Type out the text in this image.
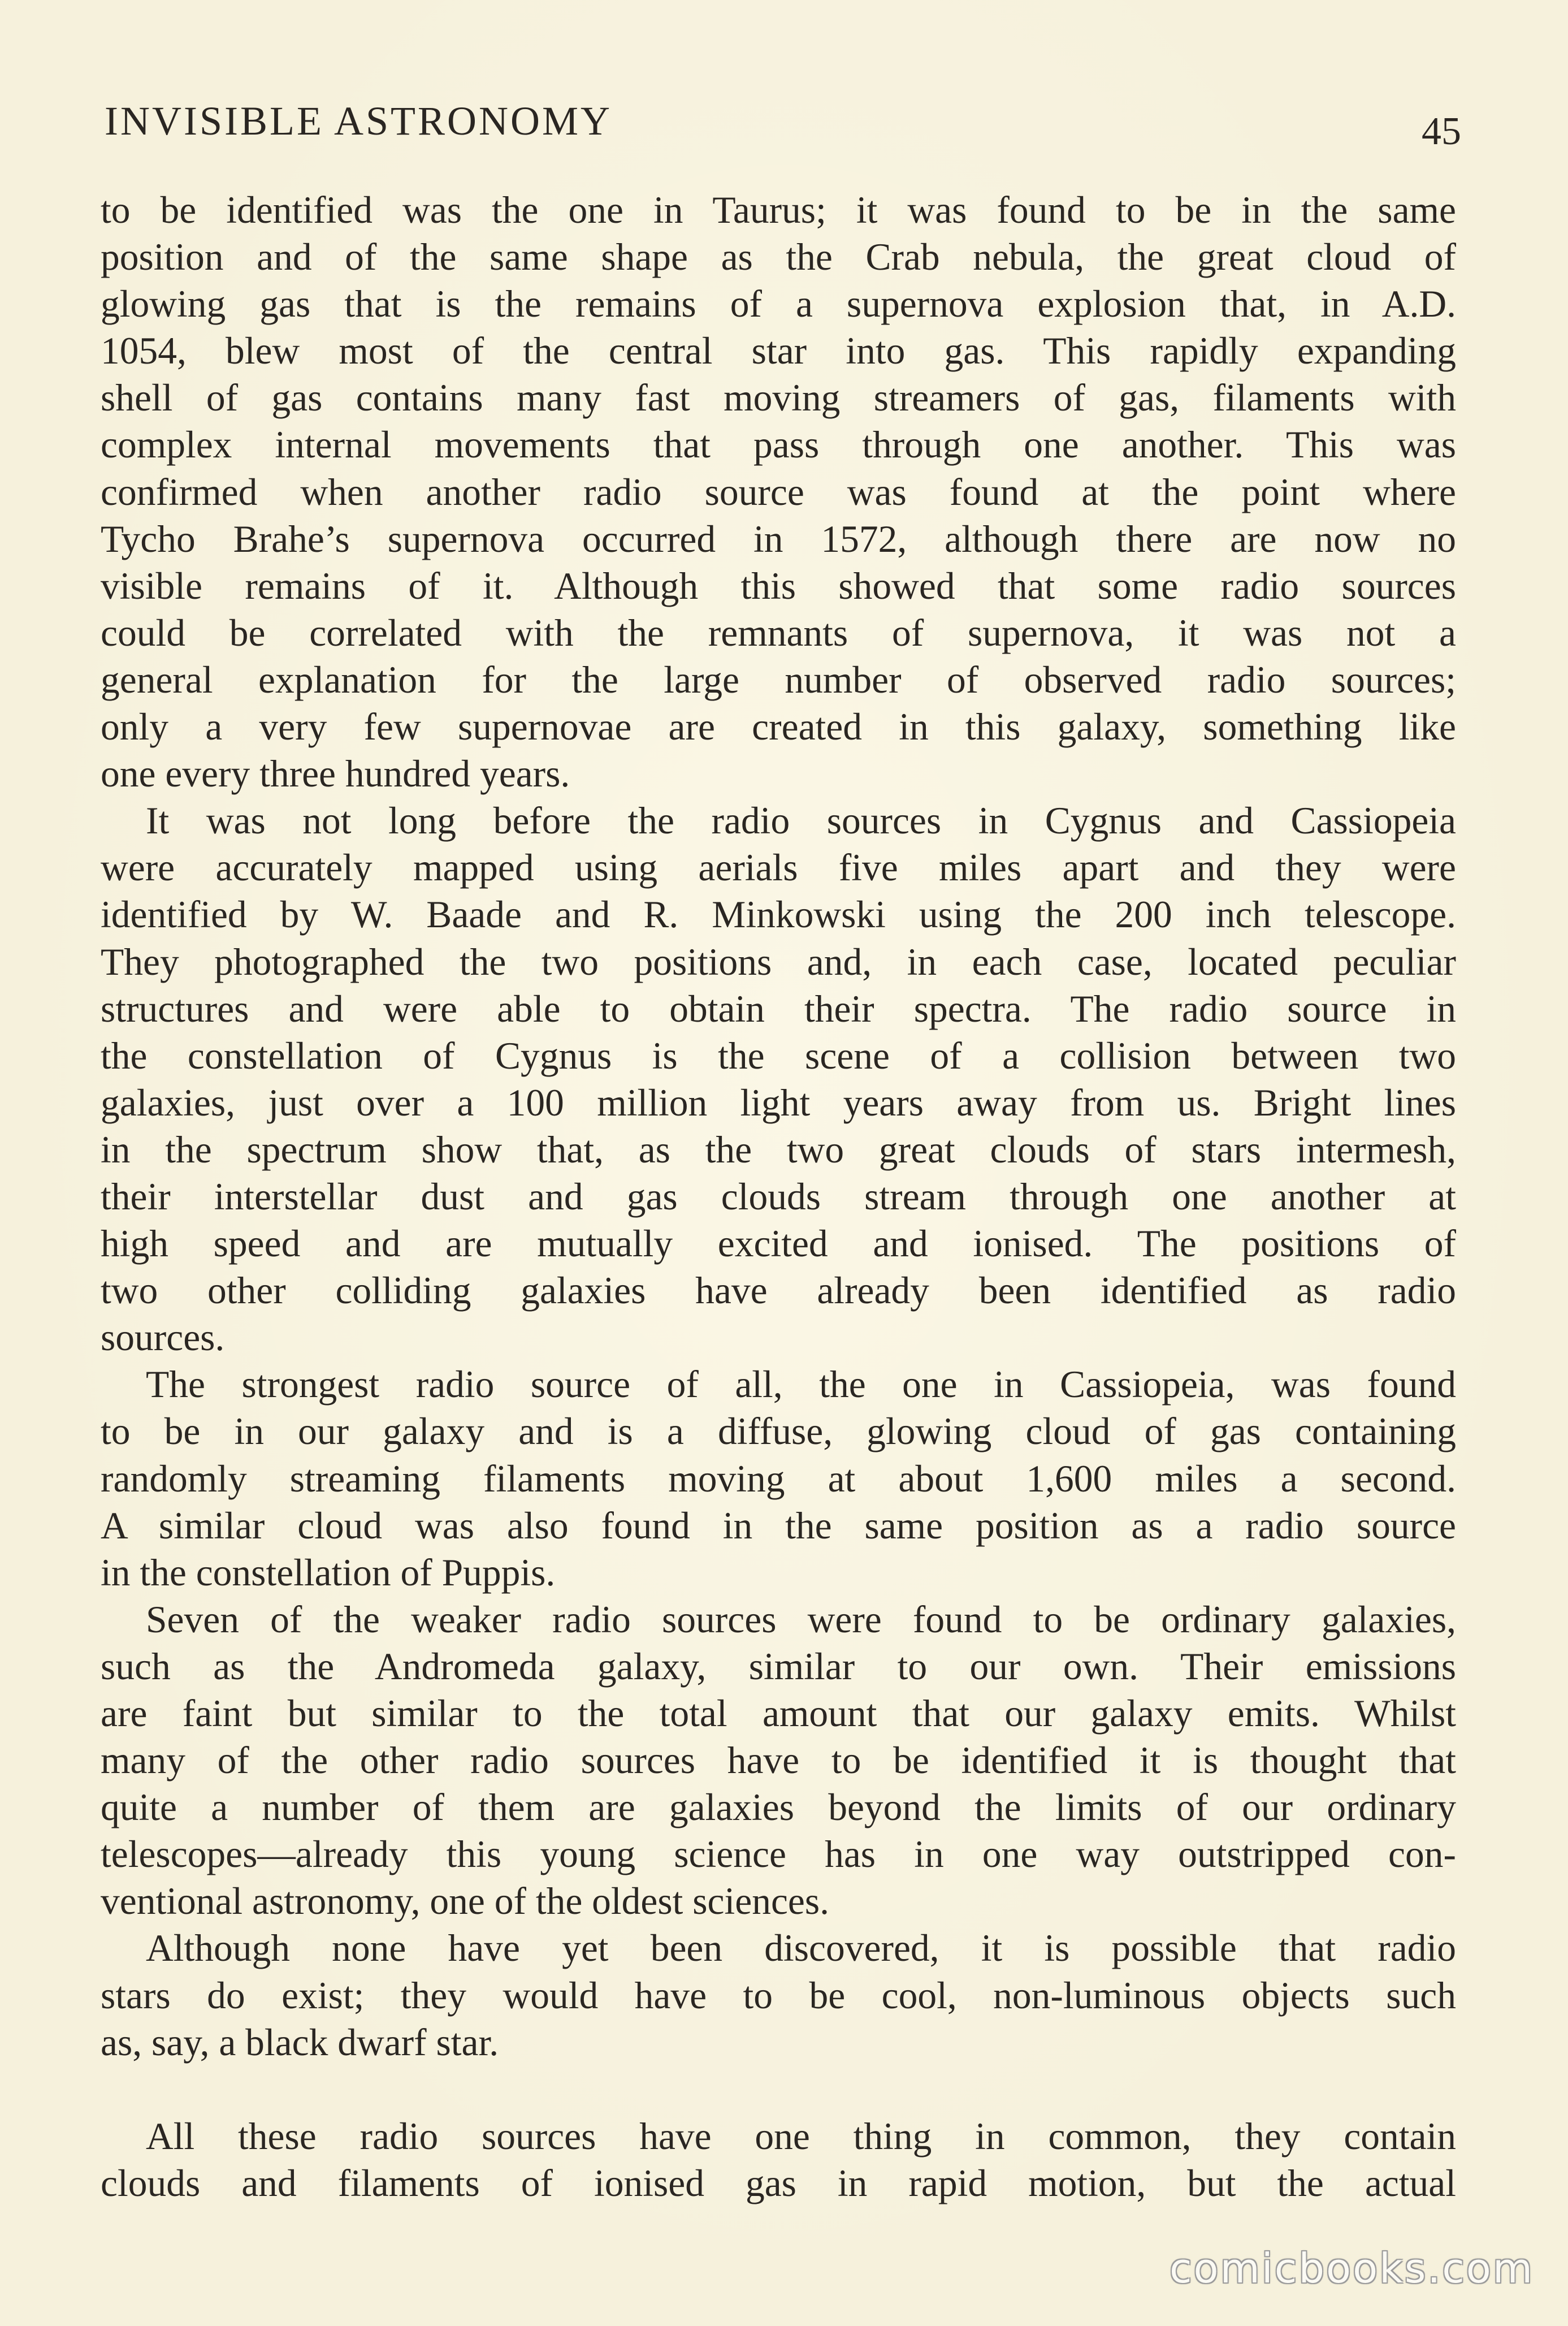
INVISIBLE ASTRONOMY	45
to be identified was the one in Taurus; it was found to be in the same
position and of the same shape as the Crab nebula, the great cloud of
glowing gas that is the remains of a supernova explosion that, in A.D.
1054, blew most of the central star into gas. This rapidly expanding
shell of gas contains many fast moving streamers of gas, filaments with
complex internal movements that pass through one another. This was
confirmed when another radio source was found at the point where
Tycho Brahe’s supernova occurred in 1572, although there are now no
visible remains of it. Although this showed that some radio sources
could be correlated with the remnants of supernova, it was not a
general explanation for the large number of observed radio sources;
only a very few supernovae are created in this galaxy, something like
one every three hundred years.
It was not long before the radio sources in Cygnus and Cassiopeia
were accurately mapped using aerials five miles apart and they were
identified by W. Baade and R. Minkowski using the 200 inch telescope.
They photographed the two positions and, in each case, located peculiar
structures and were able to obtain their spectra. The radio source in
the constellation of Cygnus is the scene of a collision between two
galaxies, just over a 100 million light years away from us. Bright lines
in the spectrum show that, as the two great clouds of stars intermesh,
their interstellar dust and gas clouds stream through one another at
high speed and are mutually excited and ionised. The positions of
two other colliding galaxies have already been identified as radio
sources.
The strongest radio source of all, the one in Cassiopeia, was found
to be in our galaxy and is a diffuse, glowing cloud of gas containing
randomly streaming filaments moving at about 1,600 miles a second.
A similar cloud was also found in the same position as a radio source
in the constellation of Puppis.
Seven of the weaker radio sources were found to be ordinary galaxies,
such as the Andromeda galaxy, similar to our own. Their emissions
are faint but similar to the total amount that our galaxy emits. Whilst
many of the other radio sources have to be identified it is thought that
quite a number of them are galaxies beyond the limits of our ordinary
telescopes—already this young science has in one way outstripped con-
ventional astronomy, one of the oldest sciences.
Although none have yet been discovered, it is possible that radio
stars do exist; they would have to be cool, non-luminous objects such
as, say, a black dwarf star.
All these radio sources have one thing in common, they contain
clouds and filaments of ionised gas in rapid motion, but the actual
comicbooks.com
